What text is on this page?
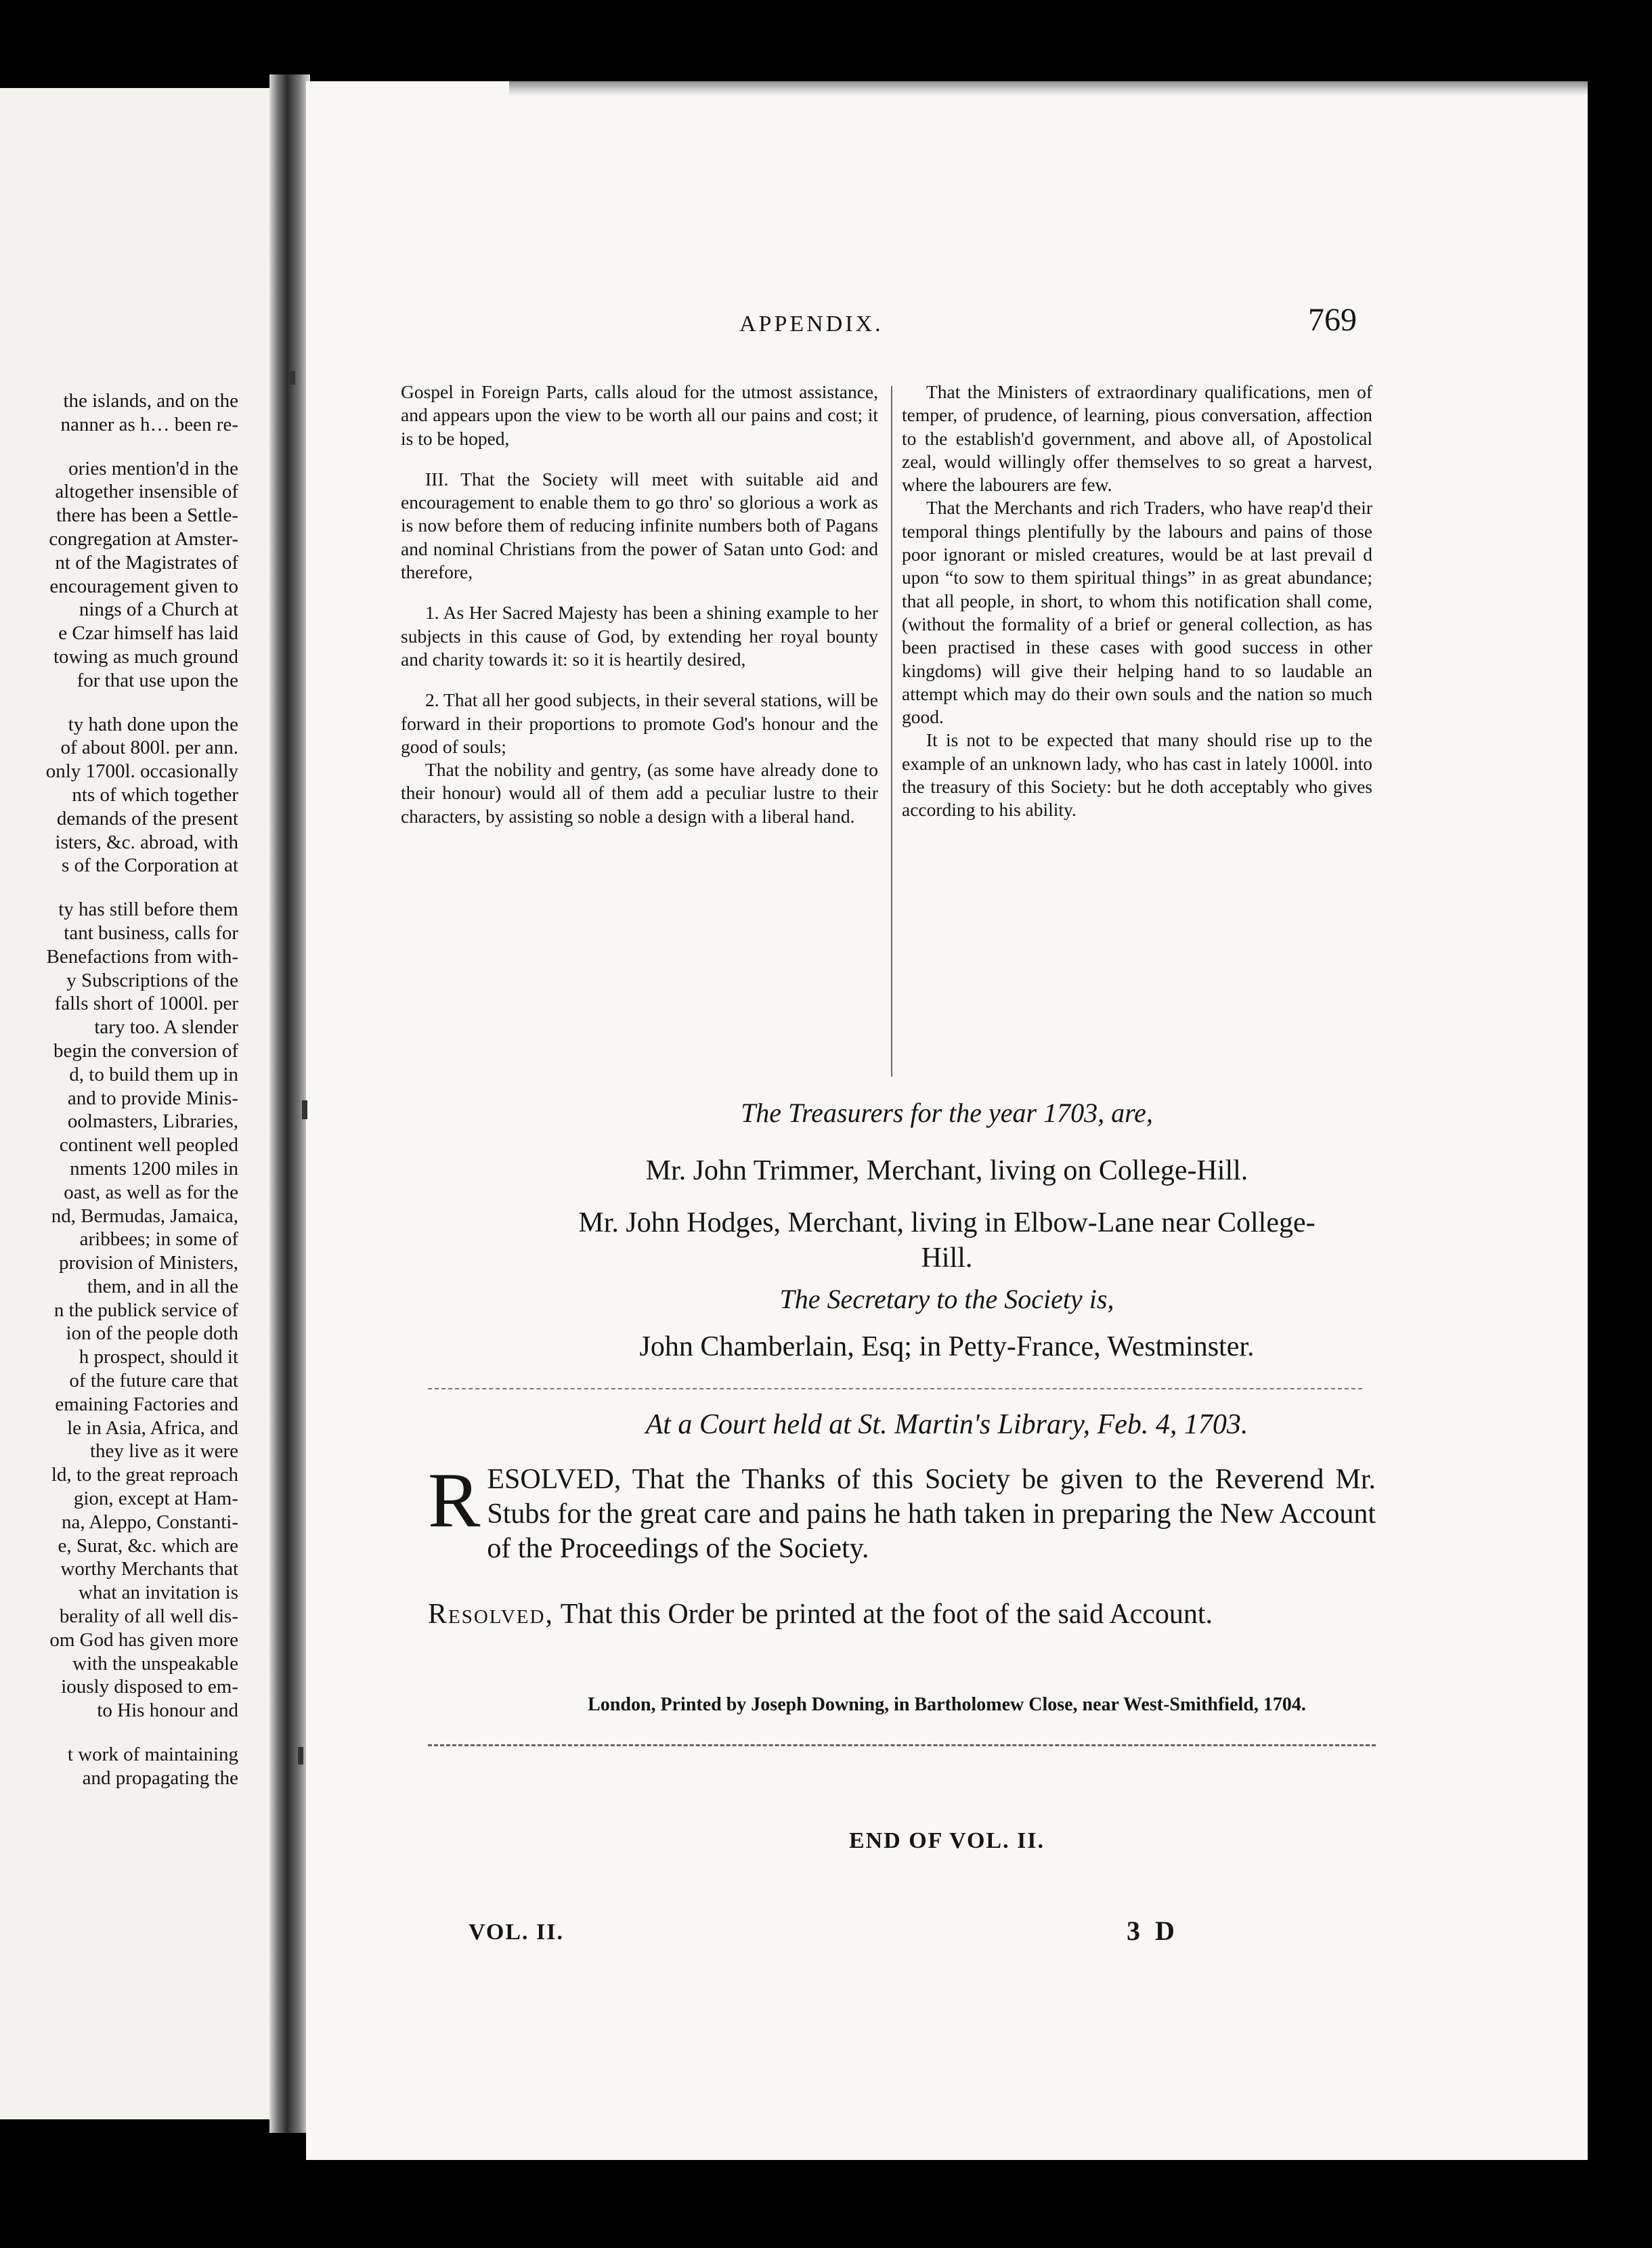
the islands, and on the
nanner as h… been re-
ories mention'd in the
altogether insensible of
there has been a Settle-
congregation at Amster-
nt of the Magistrates of
encouragement given to
nings of a Church at
e Czar himself has laid
towing as much ground
for that use upon the
ty hath done upon the
of about 800l. per ann.
only 1700l. occasionally
nts of which together
demands of the present
isters, &c. abroad, with
s of the Corporation at
ty has still before them
tant business, calls for
Benefactions from with-
y Subscriptions of the
falls short of 1000l. per
tary too. A slender
begin the conversion of
d, to build them up in
and to provide Minis-
oolmasters, Libraries,
continent well peopled
nments 1200 miles in
oast, as well as for the
nd, Bermudas, Jamaica,
aribbees; in some of
provision of Ministers,
them, and in all the
n the publick service of
ion of the people doth
h prospect, should it
of the future care that
emaining Factories and
le in Asia, Africa, and
they live as it were
ld, to the great reproach
gion, except at Ham-
na, Aleppo, Constanti-
e, Surat, &c. which are
worthy Merchants that
what an invitation is
berality of all well dis-
om God has given more
with the unspeakable
iously disposed to em-
to His honour and
t work of maintaining
and propagating the
APPENDIX.	769

Gospel in Foreign Parts, calls aloud for the utmost assistance, and appears upon the view to be worth all our pains and cost; it is to be hoped,

III. That the Society will meet with suitable aid and encouragement to enable them to go thro' so glorious a work as is now before them of reducing infinite numbers both of Pagans and nominal Christians from the power of Satan unto God: and therefore,

1. As Her Sacred Majesty has been a shining example to her subjects in this cause of God, by extending her royal bounty and charity towards it: so it is heartily desired,

2. That all her good subjects, in their several stations, will be forward in their proportions to promote God's honour and the good of souls;

That the nobility and gentry, (as some have already done to their honour) would all of them add a peculiar lustre to their characters, by assisting so noble a design with a liberal hand.

That the Ministers of extraordinary qualifications, men of temper, of prudence, of learning, pious conversation, affection to the establish'd government, and above all, of Apostolical zeal, would willingly offer themselves to so great a harvest, where the labourers are few.

That the Merchants and rich Traders, who have reap'd their temporal things plentifully by the labours and pains of those poor ignorant or misled creatures, would be at last prevail d upon “to sow to them spiritual things” in as great abundance; that all people, in short, to whom this notification shall come, (without the formality of a brief or general collection, as has been practised in these cases with good success in other kingdoms) will give their helping hand to so laudable an attempt which may do their own souls and the nation so much good.

It is not to be expected that many should rise up to the example of an unknown lady, who has cast in lately 1000l. into the treasury of this Society: but he doth acceptably who gives according to his ability.

The Treasurers for the year 1703, are,
Mr. John Trimmer, Merchant, living on College-Hill.
Mr. John Hodges, Merchant, living in Elbow-Lane near College-Hill.
The Secretary to the Society is,
John Chamberlain, Esq; in Petty-France, Westminster.
At a Court held at St. Martin's Library, Feb. 4, 1703.
RESOLVED, That the Thanks of this Society be given to the Reverend Mr. Stubs for the great care and pains he hath taken in preparing the New Account of the Proceedings of the Society.
Resolved, That this Order be printed at the foot of the said Account.
London, Printed by Joseph Downing, in Bartholomew Close, near West-Smithfield, 1704.
END OF VOL. II.
VOL. II.	3 D
